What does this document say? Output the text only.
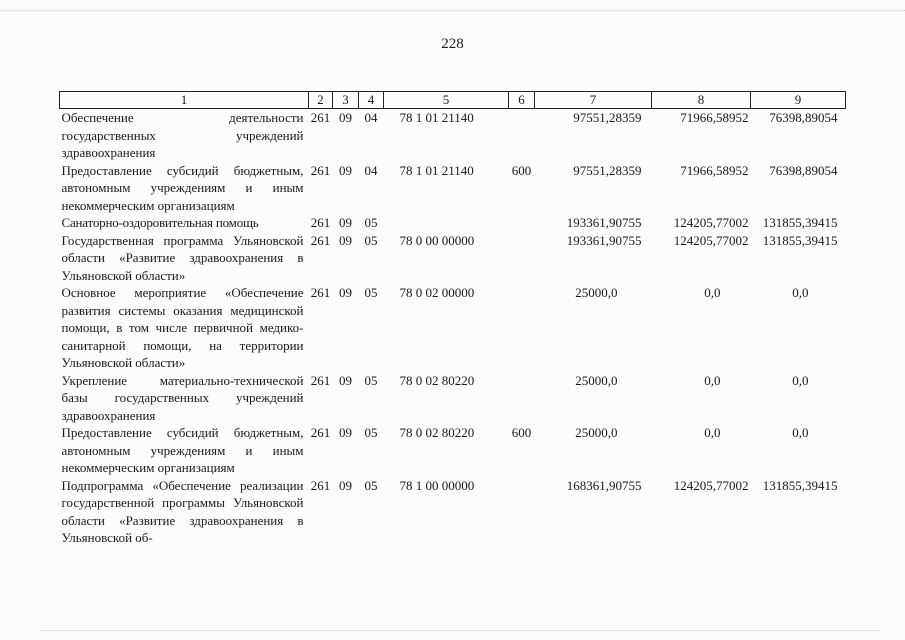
228
1	2	3	4	5	6	7	8	9
Обеспечение деятельности государственных учреждений здравоохранения	261	09	04	78 1 01 21140		97551,28359	71966,58952	76398,89054
Предоставление субсидий бюджетным, автономным учреждениям и иным некоммерческим организациям	261	09	04	78 1 01 21140	600	97551,28359	71966,58952	76398,89054
Санаторно-оздоровительная помощь	261	09	05			193361,90755	124205,77002	131855,39415
Государственная программа Ульяновской области «Развитие здравоохранения в Ульяновской области»	261	09	05	78 0 00 00000		193361,90755	124205,77002	131855,39415
Основное мероприятие «Обеспечение развития системы оказания медицинской помощи, в том числе первичной медико-санитарной помощи, на территории Ульяновской области»	261	09	05	78 0 02 00000		25000,0	0,0	0,0
Укрепление материально-технической базы государственных учреждений здравоохранения	261	09	05	78 0 02 80220		25000,0	0,0	0,0
Предоставление субсидий бюджетным, автономным учреждениям и иным некоммерческим организациям	261	09	05	78 0 02 80220	600	25000,0	0,0	0,0
Подпрограмма «Обеспечение реализации государственной программы Ульяновской области «Развитие здравоохранения в Ульяновской об-	261	09	05	78 1 00 00000		168361,90755	124205,77002	131855,39415
